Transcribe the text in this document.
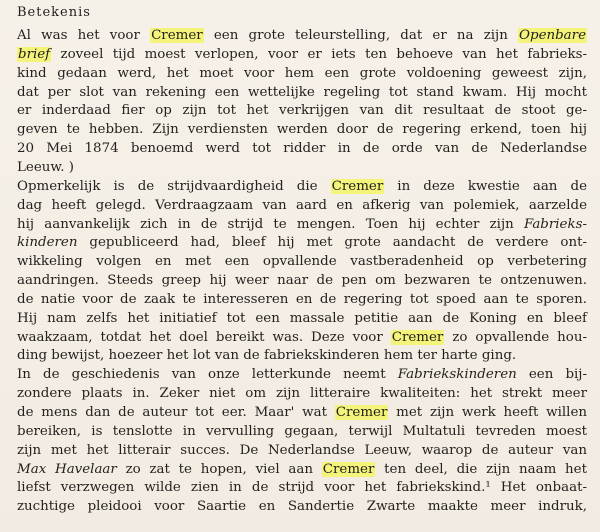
Betekenis
Al was het voor Cremer een grote teleurstelling, dat er na zijn Openbare
brief zoveel tijd moest verlopen, voor er iets ten behoeve van het fabrieks-
kind gedaan werd, het moet voor hem een grote voldoening geweest zijn,
dat per slot van rekening een wettelijke regeling tot stand kwam. Hij mocht
er inderdaad fier op zijn tot het verkrijgen van dit resultaat de stoot ge-
geven te hebben. Zijn verdiensten werden door de regering erkend, toen hij
20 Mei 1874 benoemd werd tot ridder in de orde van de Nederlandse
Leeuw. )
Opmerkelijk is de strijdvaardigheid die Cremer in deze kwestie aan de
dag heeft gelegd. Verdraagzaam van aard en afkerig van polemiek, aarzelde
hij aanvankelijk zich in de strijd te mengen. Toen hij echter zijn Fabrieks-
kinderen gepubliceerd had, bleef hij met grote aandacht de verdere ont-
wikkeling volgen en met een opvallende vastberadenheid op verbetering
aandringen. Steeds greep hij weer naar de pen om bezwaren te ontzenuwen.
de natie voor de zaak te interesseren en de regering tot spoed aan te sporen.
Hij nam zelfs het initiatief tot een massale petitie aan de Koning en bleef
waakzaam, totdat het doel bereikt was. Deze voor Cremer zo opvallende hou-
ding bewijst, hoezeer het lot van de fabriekskinderen hem ter harte ging.
In de geschiedenis van onze letterkunde neemt Fabriekskinderen een bij-
zondere plaats in. Zeker niet om zijn litteraire kwaliteiten: het strekt meer
de mens dan de auteur tot eer. Maar' wat Cremer met zijn werk heeft willen
bereiken, is tenslotte in vervulling gegaan, terwijl Multatuli tevreden moest
zijn met het litterair succes. De Nederlandse Leeuw, waarop de auteur van
Max Havelaar zo zat te hopen, viel aan Cremer ten deel, die zijn naam het
liefst verzwegen wilde zien in de strijd voor het fabriekskind.¹ Het onbaat-
zuchtige pleidooi voor Saartie en Sandertie Zwarte maakte meer indruk,
